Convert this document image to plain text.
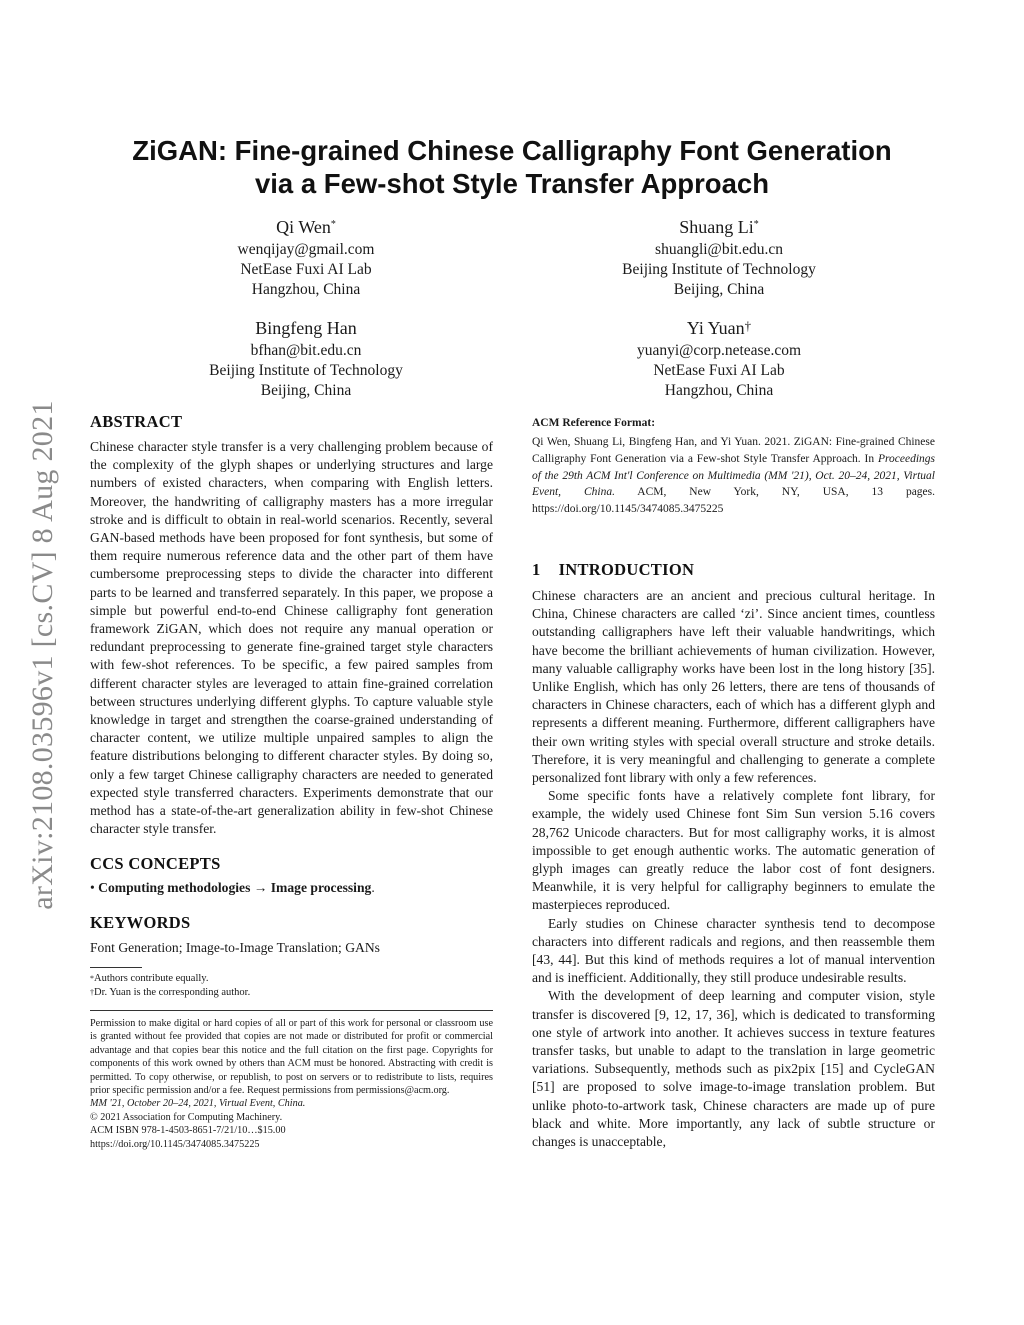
arXiv:2108.03596v1 [cs.CV] 8 Aug 2021
ZiGAN: Fine-grained Chinese Calligraphy Font Generation
via a Few-shot Style Transfer Approach
Qi Wen*
wenqijay@gmail.com
NetEase Fuxi AI Lab
Hangzhou, China
Shuang Li*
shuangli@bit.edu.cn
Beijing Institute of Technology
Beijing, China
Bingfeng Han
bfhan@bit.edu.cn
Beijing Institute of Technology
Beijing, China
Yi Yuan†
yuanyi@corp.netease.com
NetEase Fuxi AI Lab
Hangzhou, China
ABSTRACT
Chinese character style transfer is a very challenging problem because of the complexity of the glyph shapes or underlying structures and large numbers of existed characters, when comparing with English letters. Moreover, the handwriting of calligraphy masters has a more irregular stroke and is difficult to obtain in real-world scenarios. Recently, several GAN-based methods have been proposed for font synthesis, but some of them require numerous reference data and the other part of them have cumbersome preprocessing steps to divide the character into different parts to be learned and transferred separately. In this paper, we propose a simple but powerful end-to-end Chinese calligraphy font generation framework ZiGAN, which does not require any manual operation or redundant preprocessing to generate fine-grained target style characters with few-shot references. To be specific, a few paired samples from different character styles are leveraged to attain fine-grained correlation between structures underlying different glyphs. To capture valuable style knowledge in target and strengthen the coarse-grained understanding of character content, we utilize multiple unpaired samples to align the feature distributions belonging to different character styles. By doing so, only a few target Chinese calligraphy characters are needed to generated expected style transferred characters. Experiments demonstrate that our method has a state-of-the-art generalization ability in few-shot Chinese character style transfer.
CCS CONCEPTS
• Computing methodologies → Image processing.
KEYWORDS
Font Generation; Image-to-Image Translation; GANs
*Authors contribute equally.
†Dr. Yuan is the corresponding author.
Permission to make digital or hard copies of all or part of this work for personal or classroom use is granted without fee provided that copies are not made or distributed for profit or commercial advantage and that copies bear this notice and the full citation on the first page. Copyrights for components of this work owned by others than ACM must be honored. Abstracting with credit is permitted. To copy otherwise, or republish, to post on servers or to redistribute to lists, requires prior specific permission and/or a fee. Request permissions from permissions@acm.org.
MM '21, October 20–24, 2021, Virtual Event, China.
© 2021 Association for Computing Machinery.
ACM ISBN 978-1-4503-8651-7/21/10…$15.00
https://doi.org/10.1145/3474085.3475225
ACM Reference Format:
Qi Wen, Shuang Li, Bingfeng Han, and Yi Yuan. 2021. ZiGAN: Fine-grained Chinese Calligraphy Font Generation via a Few-shot Style Transfer Approach. In Proceedings of the 29th ACM Int'l Conference on Multimedia (MM '21), Oct. 20–24, 2021, Virtual Event, China. ACM, New York, NY, USA, 13 pages. https://doi.org/10.1145/3474085.3475225
1 INTRODUCTION
Chinese characters are an ancient and precious cultural heritage. In China, Chinese characters are called ‘zi’. Since ancient times, countless outstanding calligraphers have left their valuable handwritings, which have become the brilliant achievements of human civilization. However, many valuable calligraphy works have been lost in the long history [35]. Unlike English, which has only 26 letters, there are tens of thousands of characters in Chinese characters, each of which has a different glyph and represents a different meaning. Furthermore, different calligraphers have their own writing styles with special overall structure and stroke details. Therefore, it is very meaningful and challenging to generate a complete personalized font library with only a few references.
Some specific fonts have a relatively complete font library, for example, the widely used Chinese font Sim Sun version 5.16 covers 28,762 Unicode characters. But for most calligraphy works, it is almost impossible to get enough authentic works. The automatic generation of glyph images can greatly reduce the labor cost of font designers. Meanwhile, it is very helpful for calligraphy beginners to emulate the masterpieces reproduced.
Early studies on Chinese character synthesis tend to decompose characters into different radicals and regions, and then reassemble them [43, 44]. But this kind of methods requires a lot of manual intervention and is inefficient. Additionally, they still produce undesirable results.
With the development of deep learning and computer vision, style transfer is discovered [9, 12, 17, 36], which is dedicated to transforming one style of artwork into another. It achieves success in texture features transfer tasks, but unable to adapt to the translation in large geometric variations. Subsequently, methods such as pix2pix [15] and CycleGAN [51] are proposed to solve image-to-image translation problem. But unlike photo-to-artwork task, Chinese characters are made up of pure black and white. More importantly, any lack of subtle structure or changes is unacceptable,
